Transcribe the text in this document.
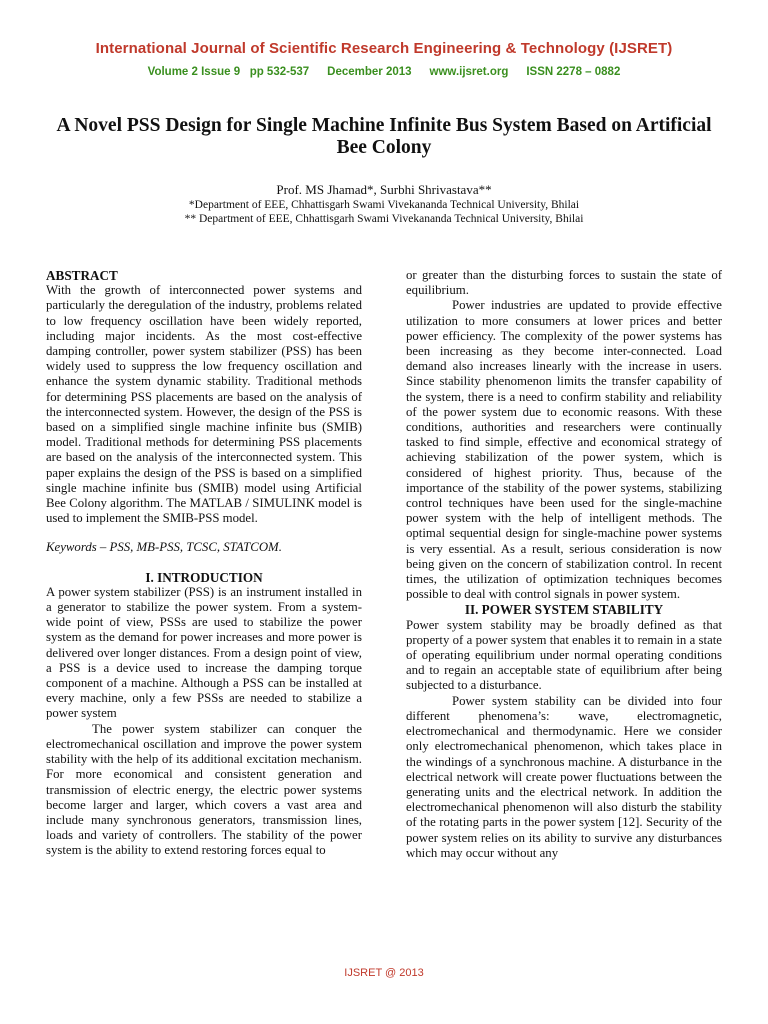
International Journal of Scientific Research Engineering & Technology (IJSRET)
Volume 2 Issue 9   pp 532-537 December 2013 www.ijsret.org ISSN 2278 – 0882
A Novel PSS Design for Single Machine Infinite Bus System Based on Artificial Bee Colony
Prof. MS Jhamad*, Surbhi Shrivastava**
*Department of EEE, Chhattisgarh Swami Vivekananda Technical University, Bhilai
** Department of EEE, Chhattisgarh Swami Vivekananda Technical University, Bhilai

ABSTRACT

With the growth of interconnected power systems and particularly the deregulation of the industry, problems related to low frequency oscillation have been widely reported, including major incidents. As the most cost-effective damping controller, power system stabilizer (PSS) has been widely used to suppress the low frequency oscillation and enhance the system dynamic stability. Traditional methods for determining PSS placements are based on the analysis of the interconnected system. However, the design of the PSS is based on a simplified single machine infinite bus (SMIB) model. Traditional methods for determining PSS placements are based on the analysis of the interconnected system. This paper explains the design of the PSS is based on a simplified single machine infinite bus (SMIB) model using Artificial Bee Colony algorithm. The MATLAB / SIMULINK model is used to implement the SMIB-PSS model.

Keywords – PSS, MB-PSS, TCSC, STATCOM.

I. INTRODUCTION

A power system stabilizer (PSS) is an instrument installed in a generator to stabilize the power system. From a system-wide point of view, PSSs are used to stabilize the power system as the demand for power increases and more power is delivered over longer distances. From a design point of view, a PSS is a device used to increase the damping torque component of a machine. Although a PSS can be installed at every machine, only a few PSSs are needed to stabilize a power system

The power system stabilizer can conquer the electromechanical oscillation and improve the power system stability with the help of its additional excitation mechanism. For more economical and consistent generation and transmission of electric energy, the electric power systems become larger and larger, which covers a vast area and include many synchronous generators, transmission lines, loads and variety of controllers. The stability of the power system is the ability to extend restoring forces equal to

or greater than the disturbing forces to sustain the state of equilibrium.

Power industries are updated to provide effective utilization to more consumers at lower prices and better power efficiency. The complexity of the power systems has been increasing as they become inter-connected. Load demand also increases linearly with the increase in users. Since stability phenomenon limits the transfer capability of the system, there is a need to confirm stability and reliability of the power system due to economic reasons. With these conditions, authorities and researchers were continually tasked to find simple, effective and economical strategy of achieving stabilization of the power system, which is considered of highest priority. Thus, because of the importance of the stability of the power systems, stabilizing control techniques have been used for the single-machine power system with the help of intelligent methods. The optimal sequential design for single-machine power systems is very essential. As a result, serious consideration is now being given on the concern of stabilization control. In recent times, the utilization of optimization techniques becomes possible to deal with control signals in power system.

II. POWER SYSTEM STABILITY

Power system stability may be broadly defined as that property of a power system that enables it to remain in a state of operating equilibrium under normal operating conditions and to regain an acceptable state of equilibrium after being subjected to a disturbance.

Power system stability can be divided into four different phenomena’s: wave, electromagnetic, electromechanical and thermodynamic. Here we consider only electromechanical phenomenon, which takes place in the windings of a synchronous machine. A disturbance in the electrical network will create power fluctuations between the generating units and the electrical network. In addition the electromechanical phenomenon will also disturb the stability of the rotating parts in the power system [12]. Security of the power system relies on its ability to survive any disturbances which may occur without any

IJSRET @ 2013
